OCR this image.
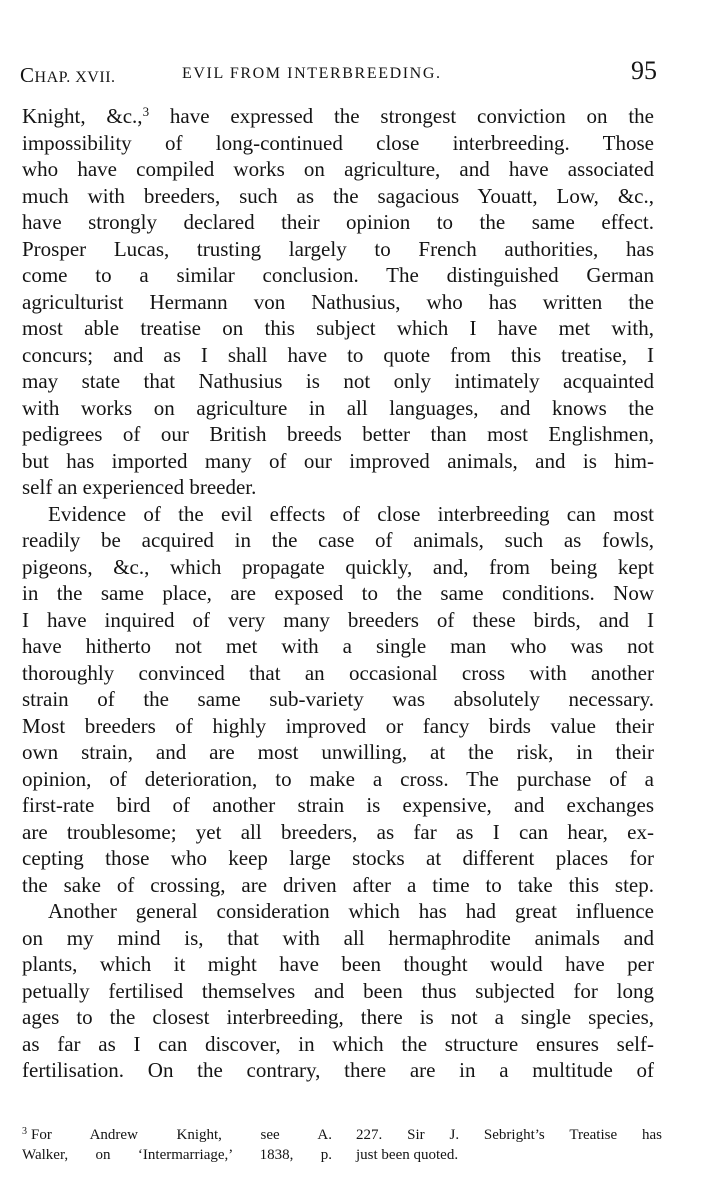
CHAP. XVII.	EVIL FROM INTERBREEDING.	95
Knight, &c.,$^3$ have expressed the strongest conviction on the
impossibility of long-continued close interbreeding. Those
who have compiled works on agriculture, and have associated
much with breeders, such as the sagacious Youatt, Low, &c.,
have strongly declared their opinion to the same effect.
Prosper Lucas, trusting largely to French authorities, has
come to a similar conclusion. The distinguished German
agriculturist Hermann von Nathusius, who has written the
most able treatise on this subject which I have met with,
concurs; and as I shall have to quote from this treatise, I
may state that Nathusius is not only intimately acquainted
with works on agriculture in all languages, and knows the
pedigrees of our British breeds better than most Englishmen,
but has imported many of our improved animals, and is him-
self an experienced breeder.
Evidence of the evil effects of close interbreeding can most
readily be acquired in the case of animals, such as fowls,
pigeons, &c., which propagate quickly, and, from being kept
in the same place, are exposed to the same conditions. Now
I have inquired of very many breeders of these birds, and I
have hitherto not met with a single man who was not
thoroughly convinced that an occasional cross with another
strain of the same sub-variety was absolutely necessary.
Most breeders of highly improved or fancy birds value their
own strain, and are most unwilling, at the risk, in their
opinion, of deterioration, to make a cross. The purchase of a
first-rate bird of another strain is expensive, and exchanges
are troublesome; yet all breeders, as far as I can hear, ex-
cepting those who keep large stocks at different places for
the sake of crossing, are driven after a time to take this step.
Another general consideration which has had great influence
on my mind is, that with all hermaphrodite animals and
plants, which it might have been thought would have per
petually fertilised themselves and been thus subjected for long
ages to the closest interbreeding, there is not a single species,
as far as I can discover, in which the structure ensures self-
fertilisation. On the contrary, there are in a multitude of
$^3$ For Andrew Knight, see A.
Walker, on ‘Intermarriage,’ 1838, p.
227. Sir J. Sebright’s Treatise has
just been quoted.
